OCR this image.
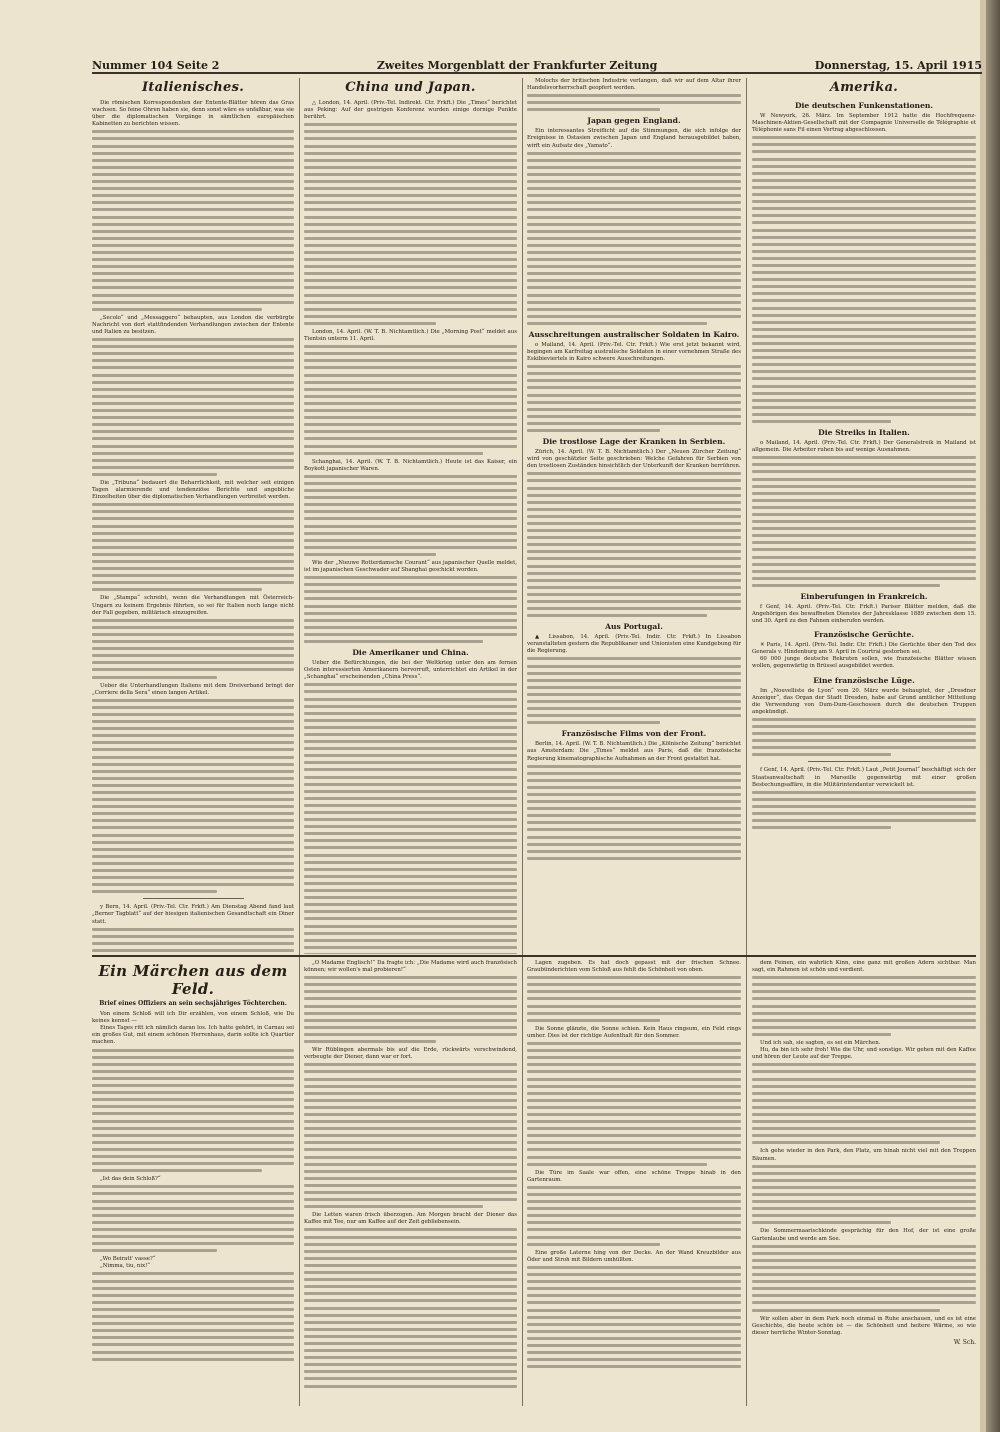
Nummer 104 Seite 2	Zweites Morgenblatt der Frankfurter Zeitung	Donnerstag, 15. April 1915
Italienisches.

Die römischen Korrespondenten der Entente-Blätter hören das Gras wachsen. So feine Ohren haben sie, denn sonst wäre es unfaßbar, was sie über die diplomatischen Vorgänge in sämtlichen europäischen Kabinetten zu berichten wissen.

„Secolo“ und „Messaggero“ behaupten, aus London die verbürgte Nachricht von dort stattfindenden Verhandlungen zwischen der Entente und Italien zu besitzen.

Die „Tribuna“ bedauert die Beharrlichkeit, mit welcher seit einigen Tagen alarmierende und tendenziöse Berichte und angebliche Einzelheiten über die diplomatischen Verhandlungen verbreitet werden.

Die „Stampa“ schreibt, wenn die Verhandlungen mit Österreich-Ungarn zu keinem Ergebnis führten, so sei für Italien noch lange nicht der Fall gegeben, militärisch einzugreifen.

Ueber die Unterhandlungen Italiens mit dem Dreiverband bringt der „Corriere della Sera“ einen langen Artikel.

y Bern, 14. April. (Priv.-Tel. Ctr. Frkft.) Am Dienstag Abend fand laut „Berner Tagblatt“ auf der hiesigen italienischen Gesandtschaft ein Diner statt.

China und Japan.

△ London, 14. April. (Priv.-Tel. Indirekt. Ctr. Frkft.) Die „Times“ berichtet aus Peking: Auf der gestrigen Konferenz wurden einige dornige Punkte berührt.

London, 14. April. (W. T. B. Nichtamtlich.) Die „Morning Post“ meldet aus Tientsin unterm 11. April.

Schanghai, 14. April. (W. T. B. Nichtamtlich.) Heute ist das Kaiser, ein Boykott japanischer Waren.

Wie der „Nieuwe Rotterdamsche Courant“ aus japanischer Quelle meldet, ist im japanischen Geschwader auf Shanghai geschickt worden.

Die Amerikaner und China.

Ueber die Befürchtungen, die bei der Weltkrieg unter den am fernen Osten interessierten Amerikanern hervorruft, unterrichtet ein Artikel in der „Schanghai“ erscheinenden „China Press“.

Molochs der britischen Industrie verlangen, daß wir auf dem Altar ihrer Handelsvorherrschaft geopfert werden.

Japan gegen England.

Ein interessantes Streiflicht auf die Stimmungen, die sich infolge der Ereignisse in Ostasien zwischen Japan und England herausgebildet haben, wirft ein Aufsatz des „Yamato“.

Ausschreitungen australischer Soldaten in Kairo.

o Mailand, 14. April. (Priv.-Tel. Ctr. Frkft.) Wie erst jetzt bekannt wird, begingen am Karfreitag australische Soldaten in einer vornehmen Straße des Eskibieviertels in Kairo schwere Ausschreitungen.

Die trostlose Lage der Kranken in Serbien.

Zürich, 14. April. (W. T. B. Nichtamtlich.) Der „Neuen Zürcher Zeitung“ wird von geschätzter Seite geschrieben: Welche Gefahren für Serbien von den trostlosen Zuständen hinsichtlich der Unterkunft der Kranken herrühren.

Aus Portugal.

▲ Lissabon, 14. April. (Priv.-Tel. Indir. Ctr. Frkft.) In Lissabon veranstalteten gestern die Republikaner und Unionisten eine Kundgebung für die Regierung.

Französische Films von der Front.

Berlin, 14. April. (W. T. B. Nichtamtlich.) Die „Kölnische Zeitung“ berichtet aus Amsterdam: Die „Times“ meldet aus Paris, daß die französische Regierung kinematographische Aufnahmen an der Front gestattet hat.

Amerika.
Die deutschen Funkenstationen.

W Newyork, 26. März. Im September 1912 hatte die Hochfrequenz-Maschinen-Aktien-Gesellschaft mit der Compagnie Universelle de Télégraphie et Téléphonie sans Fil einen Vertrag abgeschlossen.

Die Streiks in Italien.

o Mailand, 14. April. (Priv.-Tel. Ctr. Frkft.) Der Generalstreik in Mailand ist allgemein. Die Arbeiter ruhen bis auf wenige Ausnahmen.

Einberufungen in Frankreich.

f Genf, 14. April. (Priv.-Tel. Ctr. Frkft.) Pariser Blätter melden, daß die Angehörigen des bewaffneten Dienstes der Jahresklasse 1889 zwischen dem 15. und 30. April zu den Fahnen einberufen werden.

Französische Gerüchte.

✕ Paris, 14. April. (Priv.-Tel. Indir. Ctr. Frkft.) Die Gerüchte über den Tod des Generals v. Hindenburg am 9. April in Courtrai gestorben sei.

60 000 junge deutsche Rekruten sollen, wie französische Blätter wissen wollen, gegenwärtig in Brüssel ausgebildet werden.

Eine französische Lüge.

Im „Nouvelliste de Lyon“ vom 20. März wurde behauptet, der „Dresdner Anzeiger“, das Organ der Stadt Dresden, habe auf Grund amtlicher Mitteilung die Verwendung von Dum-Dum-Geschossen durch die deutschen Truppen angekündigt.

f Genf, 14. April. (Priv.-Tel. Ctr. Frkft.) Laut „Petit Journal“ beschäftigt sich der Staatsanwaltschaft in Marseille gegenwärtig mit einer großen Bestechungsaffäre, in die Militärintendantur verwickelt ist.

Ein Märchen aus dem Feld.
Brief eines Offiziers an sein sechsjähriges Töchterchen.

Von einem Schloß will ich Dir erzählen, von einem Schloß, wie Du keines kennst —

Eines Tages ritt ich nämlich daran los. Ich hatte gehört, in Carnau sei ein großes Gut, mit einem schönen Herrenhaus, darin sollte ich Quartier machen.

„Ist das dein Schloß?“

„Wo Beiratt' vasse?“

„Nimma, tiu, nix!“

„O Madame Englisch!“ Da fragte ich: „Die Madame wird auch französisch können; wir wollen's mal probieren!“

Wir Rüblingen abermals bis auf die Erde, rückwärts verschwindend, verbeugte der Diener, dann war er fort.

Die Letten waren frisch überzogen. Am Morgen bracht der Diener das Kaffee mit Tee, nur am Kaffee auf der Zeit gebliebensein.

Lagen zugeben. Es hat doch gepasst mit der frischen Schnee. Graubünderichten vom Schloß aus fehlt die Schönheit von oben.

Die Sonne glänzte, die Sonne schien. Kein Haus ringsum, ein Feld rings umher. Dies ist der richtige Aufenthalt für den Sommer.

Die Türe im Saale war offen, eine schöne Treppe hinab in den Gartenraum.

Eine große Laterne hing von der Decke. An der Wand Kreuzbilder aus Öder und Stroh mit Bildern umhüllten.

dem Feinen, ein wahrlich Kinn, eine ganz mit großen Ädern sichtbar. Man sagt, ein Rahmen ist schön und verdient.

Und ich sah, sie sagten, es sei ein Märchen.

Hu, da bin ich sehr froh! Wie die Uhr, und sonstige. Wir gehen mit den Kaffee und hören der Leute auf der Treppe.

Ich gehe wieder in den Park, den Platz, um hinab nicht viel mit den Treppen Bäumen.

Die Sommermaarischkinde gesprächig für den Hof, der ist eine große Gartenlaube und werde am See.

Wir sollen aber in dem Park noch einmal in Ruhe anschauen, und es ist eine Geschichte, die heute schön ist — die Schönheit und heitere Wärme, so wie dieser herrliche Winter-Sonntag.

W. Sch.
